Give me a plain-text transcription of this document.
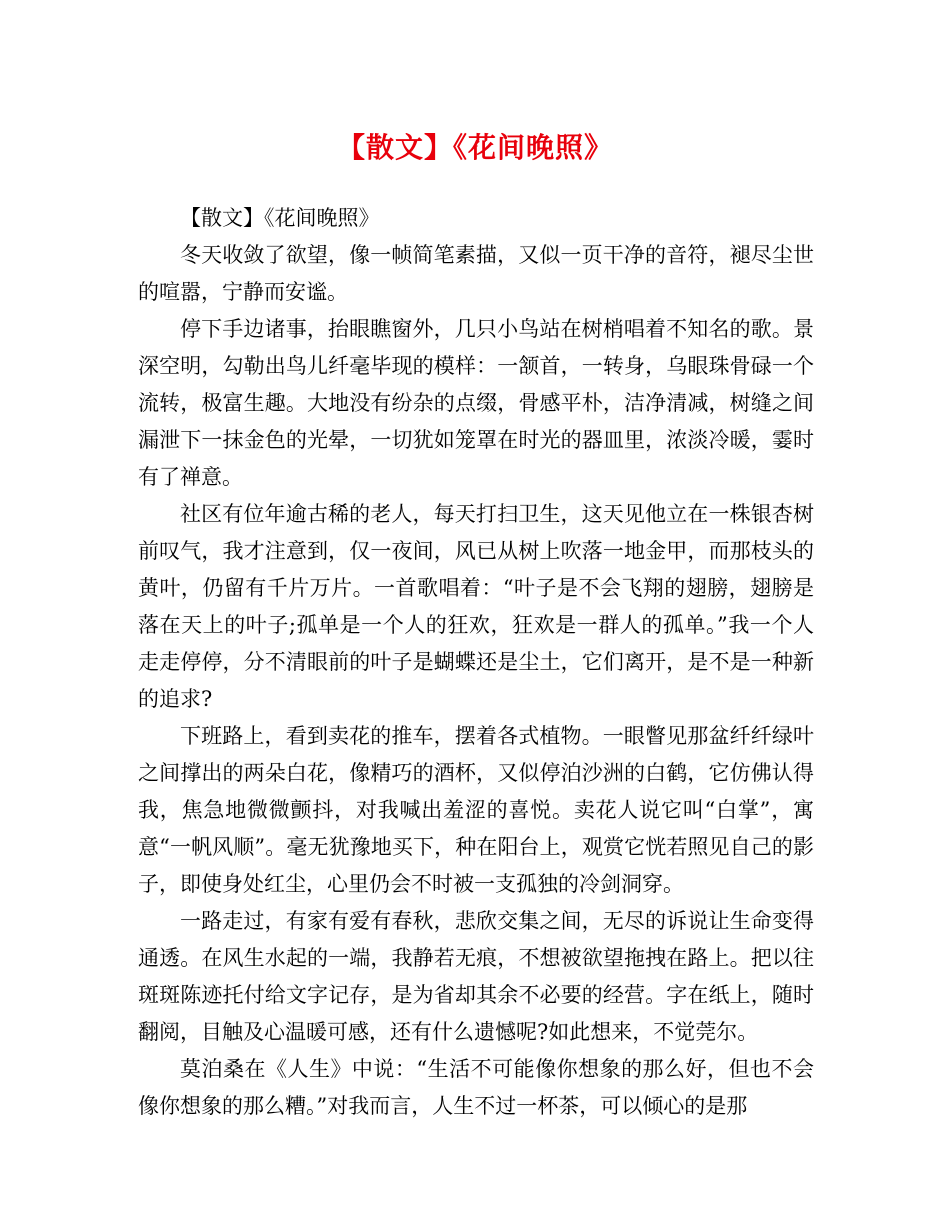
【散文】《花间晚照》

【散文】《花间晚照》

冬天收敛了欲望，像一帧简笔素描，又似一页干净的音符，褪尽尘世的喧嚣，宁静而安谧。

停下手边诸事，抬眼瞧窗外，几只小鸟站在树梢唱着不知名的歌。景深空明，勾勒出鸟儿纤毫毕现的模样：一颔首，一转身，乌眼珠骨碌一个流转，极富生趣。大地没有纷杂的点缀，骨感平朴，洁净清减，树缝之间漏泄下一抹金色的光晕，一切犹如笼罩在时光的器皿里，浓淡冷暖，霎时有了禅意。

社区有位年逾古稀的老人，每天打扫卫生，这天见他立在一株银杏树前叹气，我才注意到，仅一夜间，风已从树上吹落一地金甲，而那枝头的黄叶，仍留有千片万片。一首歌唱着：“叶子是不会飞翔的翅膀，翅膀是落在天上的叶子;孤单是一个人的狂欢，狂欢是一群人的孤单。”我一个人走走停停，分不清眼前的叶子是蝴蝶还是尘土，它们离开，是不是一种新的追求?

下班路上，看到卖花的推车，摆着各式植物。一眼瞥见那盆纤纤绿叶之间撑出的两朵白花，像精巧的酒杯，又似停泊沙洲的白鹤，它仿佛认得我，焦急地微微颤抖，对我喊出羞涩的喜悦。卖花人说它叫“白掌”，寓意“一帆风顺”。毫无犹豫地买下，种在阳台上，观赏它恍若照见自己的影子，即使身处红尘，心里仍会不时被一支孤独的冷剑洞穿。

一路走过，有家有爱有春秋，悲欣交集之间，无尽的诉说让生命变得通透。在风生水起的一端，我静若无痕，不想被欲望拖拽在路上。把以往斑斑陈迹托付给文字记存，是为省却其余不必要的经营。字在纸上，随时翻阅，目触及心温暖可感，还有什么遗憾呢?如此想来，不觉莞尔。

莫泊桑在《人生》中说：“生活不可能像你想象的那么好，但也不会像你想象的那么糟。”对我而言，人生不过一杯茶，可以倾心的是那
